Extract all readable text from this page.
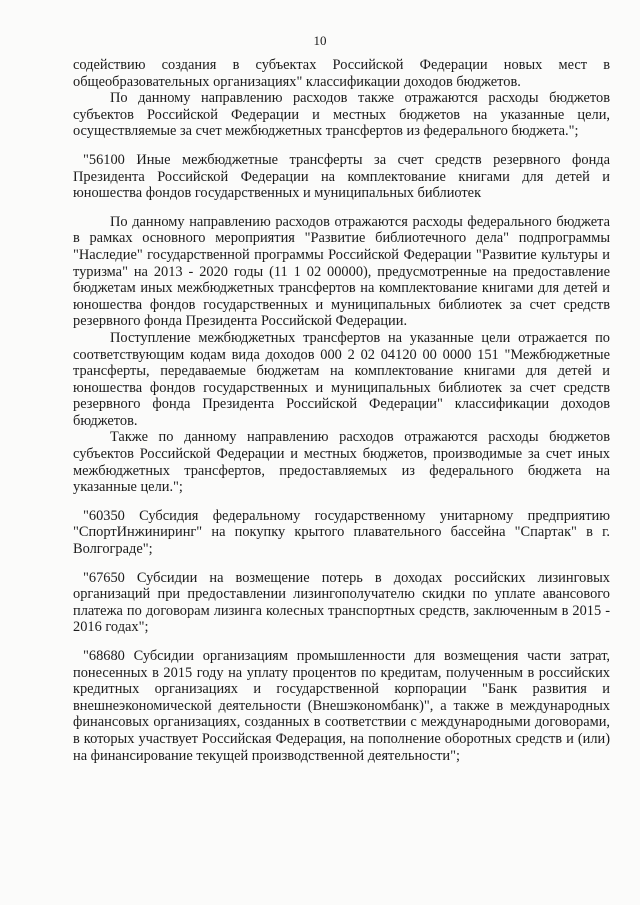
10

содействию создания в субъектах Российской Федерации новых мест в общеобразовательных организациях" классификации доходов бюджетов.

По данному направлению расходов также отражаются расходы бюджетов субъектов Российской Федерации и местных бюджетов на указанные цели, осуществляемые за счет межбюджетных трансфертов из федерального бюджета.";

"56100 Иные межбюджетные трансферты за счет средств резервного фонда Президента Российской Федерации на комплектование книгами для детей и юношества фондов государственных и муниципальных библиотек

По данному направлению расходов отражаются расходы федерального бюджета в рамках основного мероприятия "Развитие библиотечного дела" подпрограммы "Наследие" государственной программы Российской Федерации "Развитие культуры и туризма" на 2013 - 2020 годы (11 1 02 00000), предусмотренные на предоставление бюджетам иных межбюджетных трансфертов на комплектование книгами для детей и юношества фондов государственных и муниципальных библиотек за счет средств резервного фонда Президента Российской Федерации.

Поступление межбюджетных трансфертов на указанные цели отражается по соответствующим кодам вида доходов 000 2 02 04120 00 0000 151 "Межбюджетные трансферты, передаваемые бюджетам на комплектование книгами для детей и юношества фондов государственных и муниципальных библиотек за счет средств резервного фонда Президента Российской Федерации" классификации доходов бюджетов.

Также по данному направлению расходов отражаются расходы бюджетов субъектов Российской Федерации и местных бюджетов, производимые за счет иных межбюджетных трансфертов, предоставляемых из федерального бюджета на указанные цели.";

"60350 Субсидия федеральному государственному унитарному предприятию "СпортИнжиниринг" на покупку крытого плавательного бассейна "Спартак" в г. Волгограде";

"67650 Субсидии на возмещение потерь в доходах российских лизинговых организаций при предоставлении лизингополучателю скидки по уплате авансового платежа по договорам лизинга колесных транспортных средств, заключенным в 2015 - 2016 годах";

"68680 Субсидии организациям промышленности для возмещения части затрат, понесенных в 2015 году на уплату процентов по кредитам, полученным в российских кредитных организациях и государственной корпорации "Банк развития и внешнеэкономической деятельности (Внешэкономбанк)", а также в международных финансовых организациях, созданных в соответствии с международными договорами, в которых участвует Российская Федерация, на пополнение оборотных средств и (или) на финансирование текущей производственной деятельности";
